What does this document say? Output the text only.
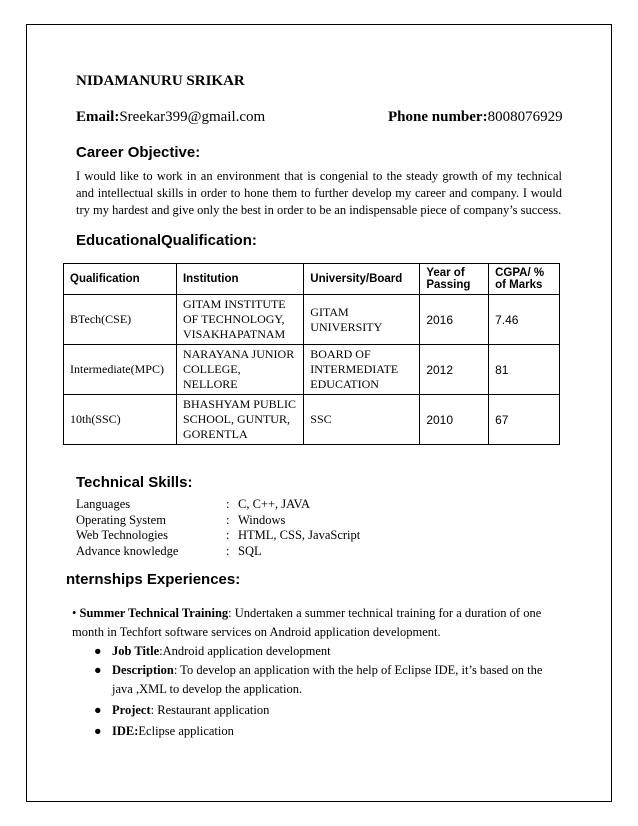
NIDAMANURU SRIKAR
Email:Sreekar399@gmail.com	Phone number:8008076929
Career Objective:
I would like to work in an environment that is congenial to the steady growth of my technical and intellectual skills in order to hone them to further develop my career and company. I would try my hardest and give only the best in order to be an indispensable piece of company’s success.
EducationalQualification:
Qualification	Institution	University/Board	Year of Passing	CGPA/ % of Marks
BTech(CSE)	GITAM INSTITUTE OF TECHNOLOGY, VISAKHAPATNAM	GITAM UNIVERSITY	2016	7.46
Intermediate(MPC)	NARAYANA JUNIOR COLLEGE, NELLORE	BOARD OF INTERMEDIATE EDUCATION	2012	81
10th(SSC)	BHASHYAM PUBLIC SCHOOL, GUNTUR, GORENTLA	SSC	2010	67
Technical Skills:
Languages	: C, C++, JAVA
Operating System	: Windows
Web Technologies	: HTML, CSS, JavaScript
Advance knowledge	: SQL
nternships Experiences:
• Summer Technical Training: Undertaken a summer technical training for a duration of one month in Techfort software services on Android application development.
● Job Title:Android application development
● Description: To develop an application with the help of Eclipse IDE, it’s based on the java ,XML to develop the application.
● Project: Restaurant application
● IDE:Eclipse application
